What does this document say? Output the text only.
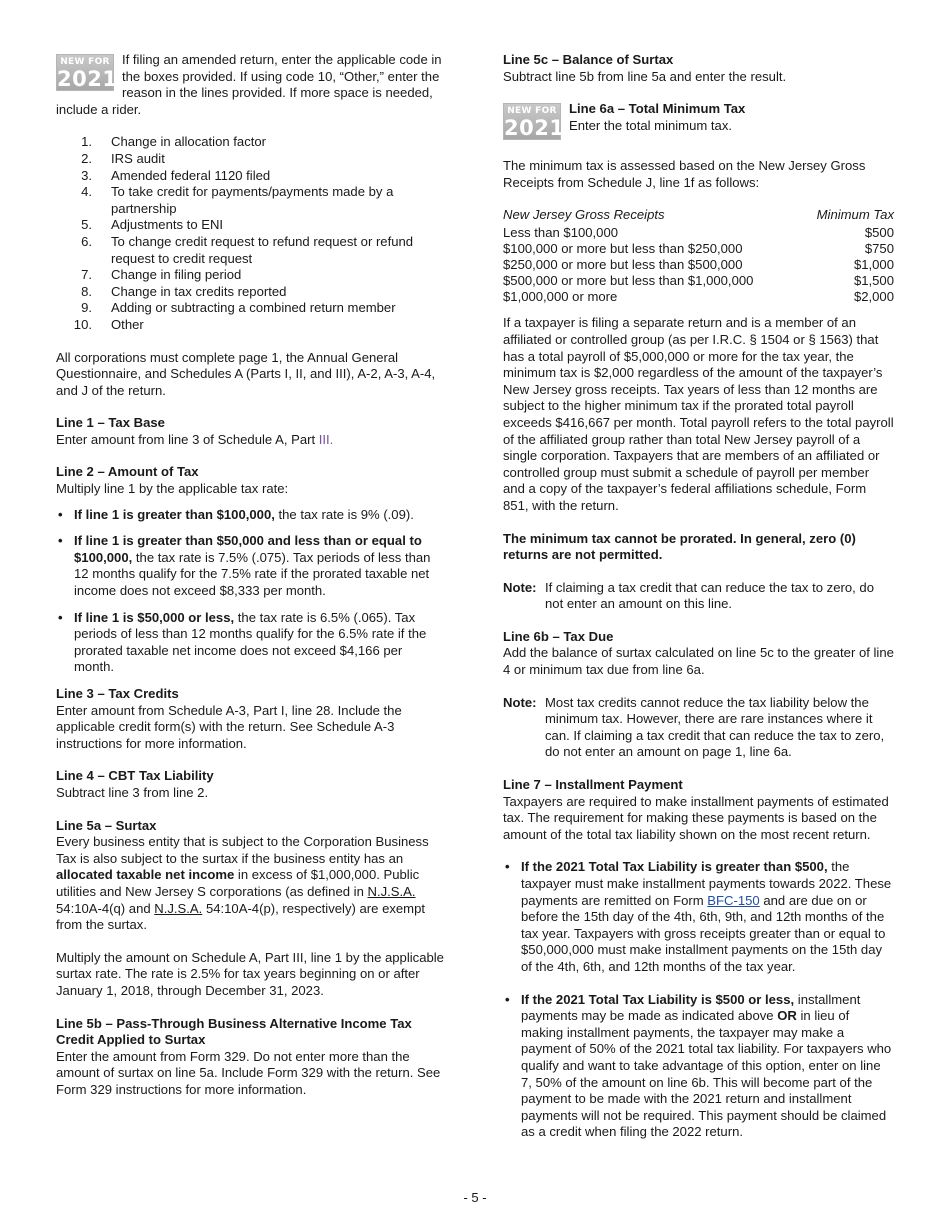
NEW FOR
2021

If filing an amended return, enter the applicable code in the boxes provided. If using code 10, “Other,” enter the reason in the lines provided. If more space is needed, include a rider.

1. Change in allocation factor
2. IRS audit
3. Amended federal 1120 filed
4. To take credit for payments/payments made by a partnership
5. Adjustments to ENI
6. To change credit request to refund request or refund request to credit request
7. Change in filing period
8. Change in tax credits reported
9. Adding or subtracting a combined return member
10. Other

All corporations must complete page 1, the Annual General Questionnaire, and Schedules A (Parts I, II, and III), A-2, A-3, A-4, and J of the return.

Line 1 – Tax Base

Enter amount from line 3 of Schedule A, Part III.

Line 2 – Amount of Tax

Multiply line 1 by the applicable tax rate:

• If line 1 is greater than $100,000, the tax rate is 9% (.09).
• If line 1 is greater than $50,000 and less than or equal to $100,000, the tax rate is 7.5% (.075). Tax periods of less than 12 months qualify for the 7.5% rate if the prorated taxable net income does not exceed $8,333 per month.
• If line 1 is $50,000 or less, the tax rate is 6.5% (.065). Tax periods of less than 12 months qualify for the 6.5% rate if the prorated taxable net income does not exceed $4,166 per month.

Line 3 – Tax Credits

Enter amount from Schedule A-3, Part I, line 28. Include the applicable credit form(s) with the return. See Schedule A-3 instructions for more information.

Line 4 – CBT Tax Liability

Subtract line 3 from line 2.

Line 5a – Surtax

Every business entity that is subject to the Corporation Business Tax is also subject to the surtax if the business entity has an allocated taxable net income in excess of $1,000,000. Public utilities and New Jersey S corporations (as defined in N.J.S.A. 54:10A-4(q) and N.J.S.A. 54:10A-4(p), respectively) are exempt from the surtax.

Multiply the amount on Schedule A, Part III, line 1 by the applicable surtax rate. The rate is 2.5% for tax years beginning on or after January 1, 2018, through December 31, 2023.

Line 5b – Pass-Through Business Alternative Income Tax Credit Applied to Surtax

Enter the amount from Form 329. Do not enter more than the amount of surtax on line 5a. Include Form 329 with the return. See Form 329 instructions for more information.

Line 5c – Balance of Surtax

Subtract line 5b from line 5a and enter the result.

NEW FOR
2021

Line 6a – Total Minimum Tax

Enter the total minimum tax.

The minimum tax is assessed based on the New Jersey Gross Receipts from Schedule J, line 1f as follows:

New Jersey Gross Receipts	Minimum Tax
Less than $100,000	$500
$100,000 or more but less than $250,000	$750
$250,000 or more but less than $500,000	$1,000
$500,000 or more but less than $1,000,000	$1,500
$1,000,000 or more	$2,000

If a taxpayer is filing a separate return and is a member of an affiliated or controlled group (as per I.R.C. § 1504 or § 1563) that has a total payroll of $5,000,000 or more for the tax year, the minimum tax is $2,000 regardless of the amount of the taxpayer’s New Jersey gross receipts. Tax years of less than 12 months are subject to the higher minimum tax if the prorated total payroll exceeds $416,667 per month. Total payroll refers to the total payroll of the affiliated group rather than total New Jersey payroll of a single corporation. Taxpayers that are members of an affiliated or controlled group must submit a schedule of payroll per member and a copy of the taxpayer’s federal affiliations schedule, Form 851, with the return.

The minimum tax cannot be prorated. In general, zero (0) returns are not permitted.

Note: If claiming a tax credit that can reduce the tax to zero, do not enter an amount on this line.

Line 6b – Tax Due

Add the balance of surtax calculated on line 5c to the greater of line 4 or minimum tax due from line 6a.

Note: Most tax credits cannot reduce the tax liability below the minimum tax. However, there are rare instances where it can. If claiming a tax credit that can reduce the tax to zero, do not enter an amount on page 1, line 6a.

Line 7 – Installment Payment

Taxpayers are required to make installment payments of estimated tax. The requirement for making these payments is based on the amount of the total tax liability shown on the most recent return.

• If the 2021 Total Tax Liability is greater than $500, the taxpayer must make installment payments towards 2022. These payments are remitted on Form BFC-150 and are due on or before the 15th day of the 4th, 6th, 9th, and 12th months of the tax year. Taxpayers with gross receipts greater than or equal to $50,000,000 must make installment payments on the 15th day of the 4th, 6th, and 12th months of the tax year.
• If the 2021 Total Tax Liability is $500 or less, installment payments may be made as indicated above OR in lieu of making installment payments, the taxpayer may make a payment of 50% of the 2021 total tax liability. For taxpayers who qualify and want to take advantage of this option, enter on line 7, 50% of the amount on line 6b. This will become part of the payment to be made with the 2021 return and installment payments will not be required. This payment should be claimed as a credit when filing the 2022 return.
- 5 -
